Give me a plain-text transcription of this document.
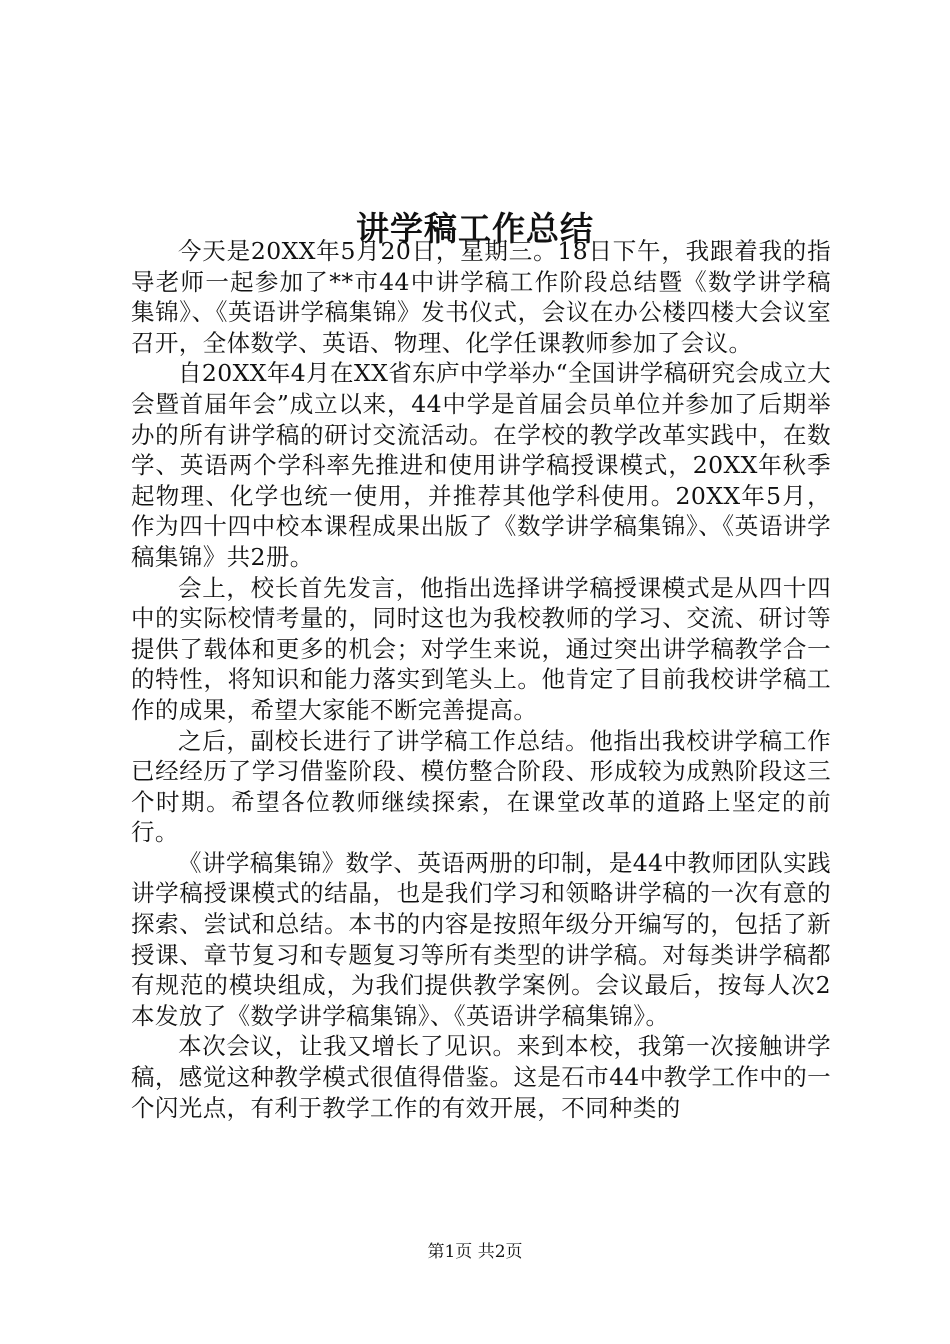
讲学稿工作总结

今天是20XX年5月20日，星期三。18日下午，我跟着我的指导老师一起参加了**市44中讲学稿工作阶段总结暨《数学讲学稿集锦》、《英语讲学稿集锦》发书仪式，会议在办公楼四楼大会议室召开，全体数学、英语、物理、化学任课教师参加了会议。

自20XX年4月在XX省东庐中学举办“全国讲学稿研究会成立大会暨首届年会”成立以来，44中学是首届会员单位并参加了后期举办的所有讲学稿的研讨交流活动。在学校的教学改革实践中，在数学、英语两个学科率先推进和使用讲学稿授课模式，20XX年秋季起物理、化学也统一使用，并推荐其他学科使用。20XX年5月，作为四十四中校本课程成果出版了《数学讲学稿集锦》、《英语讲学稿集锦》共2册。

会上，校长首先发言，他指出选择讲学稿授课模式是从四十四中的实际校情考量的，同时这也为我校教师的学习、交流、研讨等提供了载体和更多的机会；对学生来说，通过突出讲学稿教学合一的特性，将知识和能力落实到笔头上。他肯定了目前我校讲学稿工作的成果，希望大家能不断完善提高。

之后，副校长进行了讲学稿工作总结。他指出我校讲学稿工作已经经历了学习借鉴阶段、模仿整合阶段、形成较为成熟阶段这三个时期。希望各位教师继续探索，在课堂改革的道路上坚定的前行。

《讲学稿集锦》数学、英语两册的印制，是44中教师团队实践讲学稿授课模式的结晶，也是我们学习和领略讲学稿的一次有意的探索、尝试和总结。本书的内容是按照年级分开编写的，包括了新授课、章节复习和专题复习等所有类型的讲学稿。对每类讲学稿都有规范的模块组成，为我们提供教学案例。会议最后，按每人次2本发放了《数学讲学稿集锦》、《英语讲学稿集锦》。

本次会议，让我又增长了见识。来到本校，我第一次接触讲学稿，感觉这种教学模式很值得借鉴。这是石市44中教学工作中的一个闪光点，有利于教学工作的有效开展，不同种类的

第1页 共2页
